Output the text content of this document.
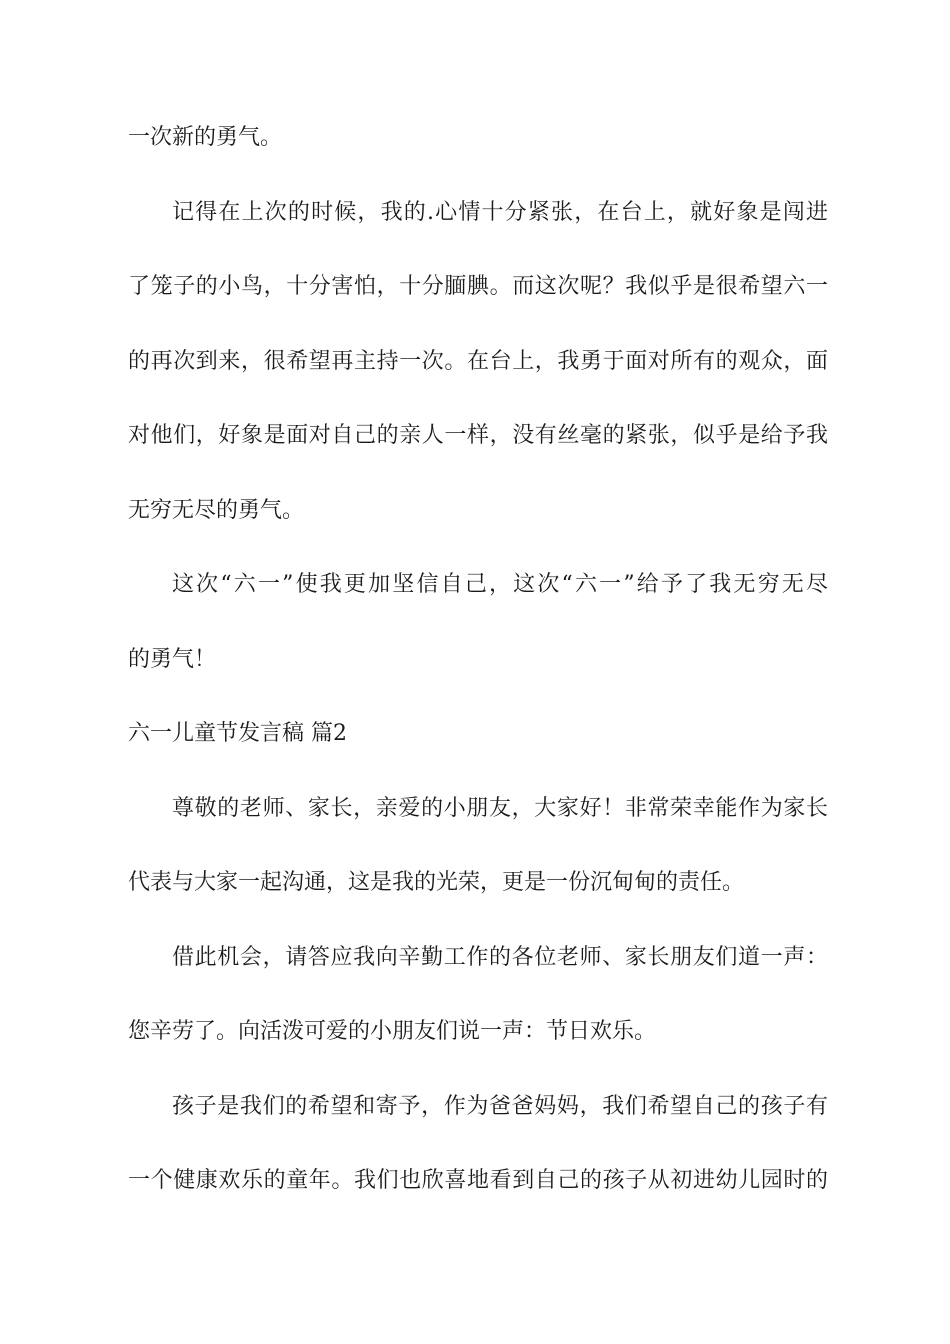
一次新的勇气。
记得在上次的时候，我的.心情十分紧张，在台上，就好象是闯进
了笼子的小鸟，十分害怕，十分腼腆。而这次呢？我似乎是很希望六一
的再次到来，很希望再主持一次。在台上，我勇于面对所有的观众，面
对他们，好象是面对自己的亲人一样，没有丝毫的紧张，似乎是给予我
无穷无尽的勇气。
这次“六一”使我更加坚信自己，这次“六一”给予了我无穷无尽
的勇气！
六一儿童节发言稿 篇2
尊敬的老师、家长，亲爱的小朋友，大家好！非常荣幸能作为家长
代表与大家一起沟通，这是我的光荣，更是一份沉甸甸的责任。
借此机会，请答应我向辛勤工作的各位老师、家长朋友们道一声：
您辛劳了。向活泼可爱的小朋友们说一声：节日欢乐。
孩子是我们的希望和寄予，作为爸爸妈妈，我们希望自己的孩子有
一个健康欢乐的童年。我们也欣喜地看到自己的孩子从初进幼儿园时的
